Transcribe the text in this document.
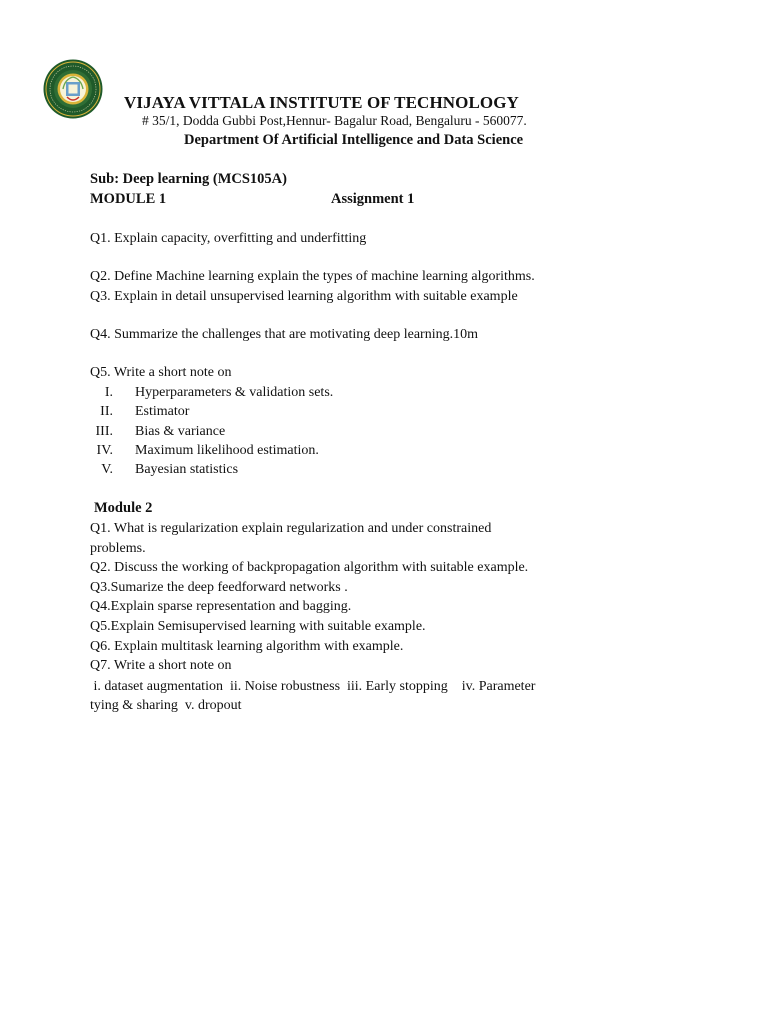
VIJAYA VITTALA INSTITUTE OF TECHNOLOGY
# 35/1, Dodda Gubbi Post,Hennur- Bagalur Road, Bengaluru - 560077.
Department Of Artificial Intelligence and Data Science
Sub: Deep learning (MCS105A)
MODULE 1	Assignment 1
Q1. Explain capacity, overfitting and underfitting
Q2. Define Machine learning explain the types of machine learning algorithms.
Q3. Explain in detail unsupervised learning algorithm with suitable example
Q4. Summarize the challenges that are motivating deep learning.10m
Q5. Write a short note on
I. Hyperparameters & validation sets.
II. Estimator
III. Bias & variance
IV. Maximum likelihood estimation.
V. Bayesian statistics
Module 2
Q1. What is regularization explain regularization and under constrained
problems.
Q2. Discuss the working of backpropagation algorithm with suitable example.
Q3.Sumarize the deep feedforward networks .
Q4.Explain sparse representation and bagging.
Q5.Explain Semisupervised learning with suitable example.
Q6. Explain multitask learning algorithm with example.
Q7. Write a short note on
i. dataset augmentation  ii. Noise robustness  iii. Early stopping    iv. Parameter
tying & sharing  v. dropout
